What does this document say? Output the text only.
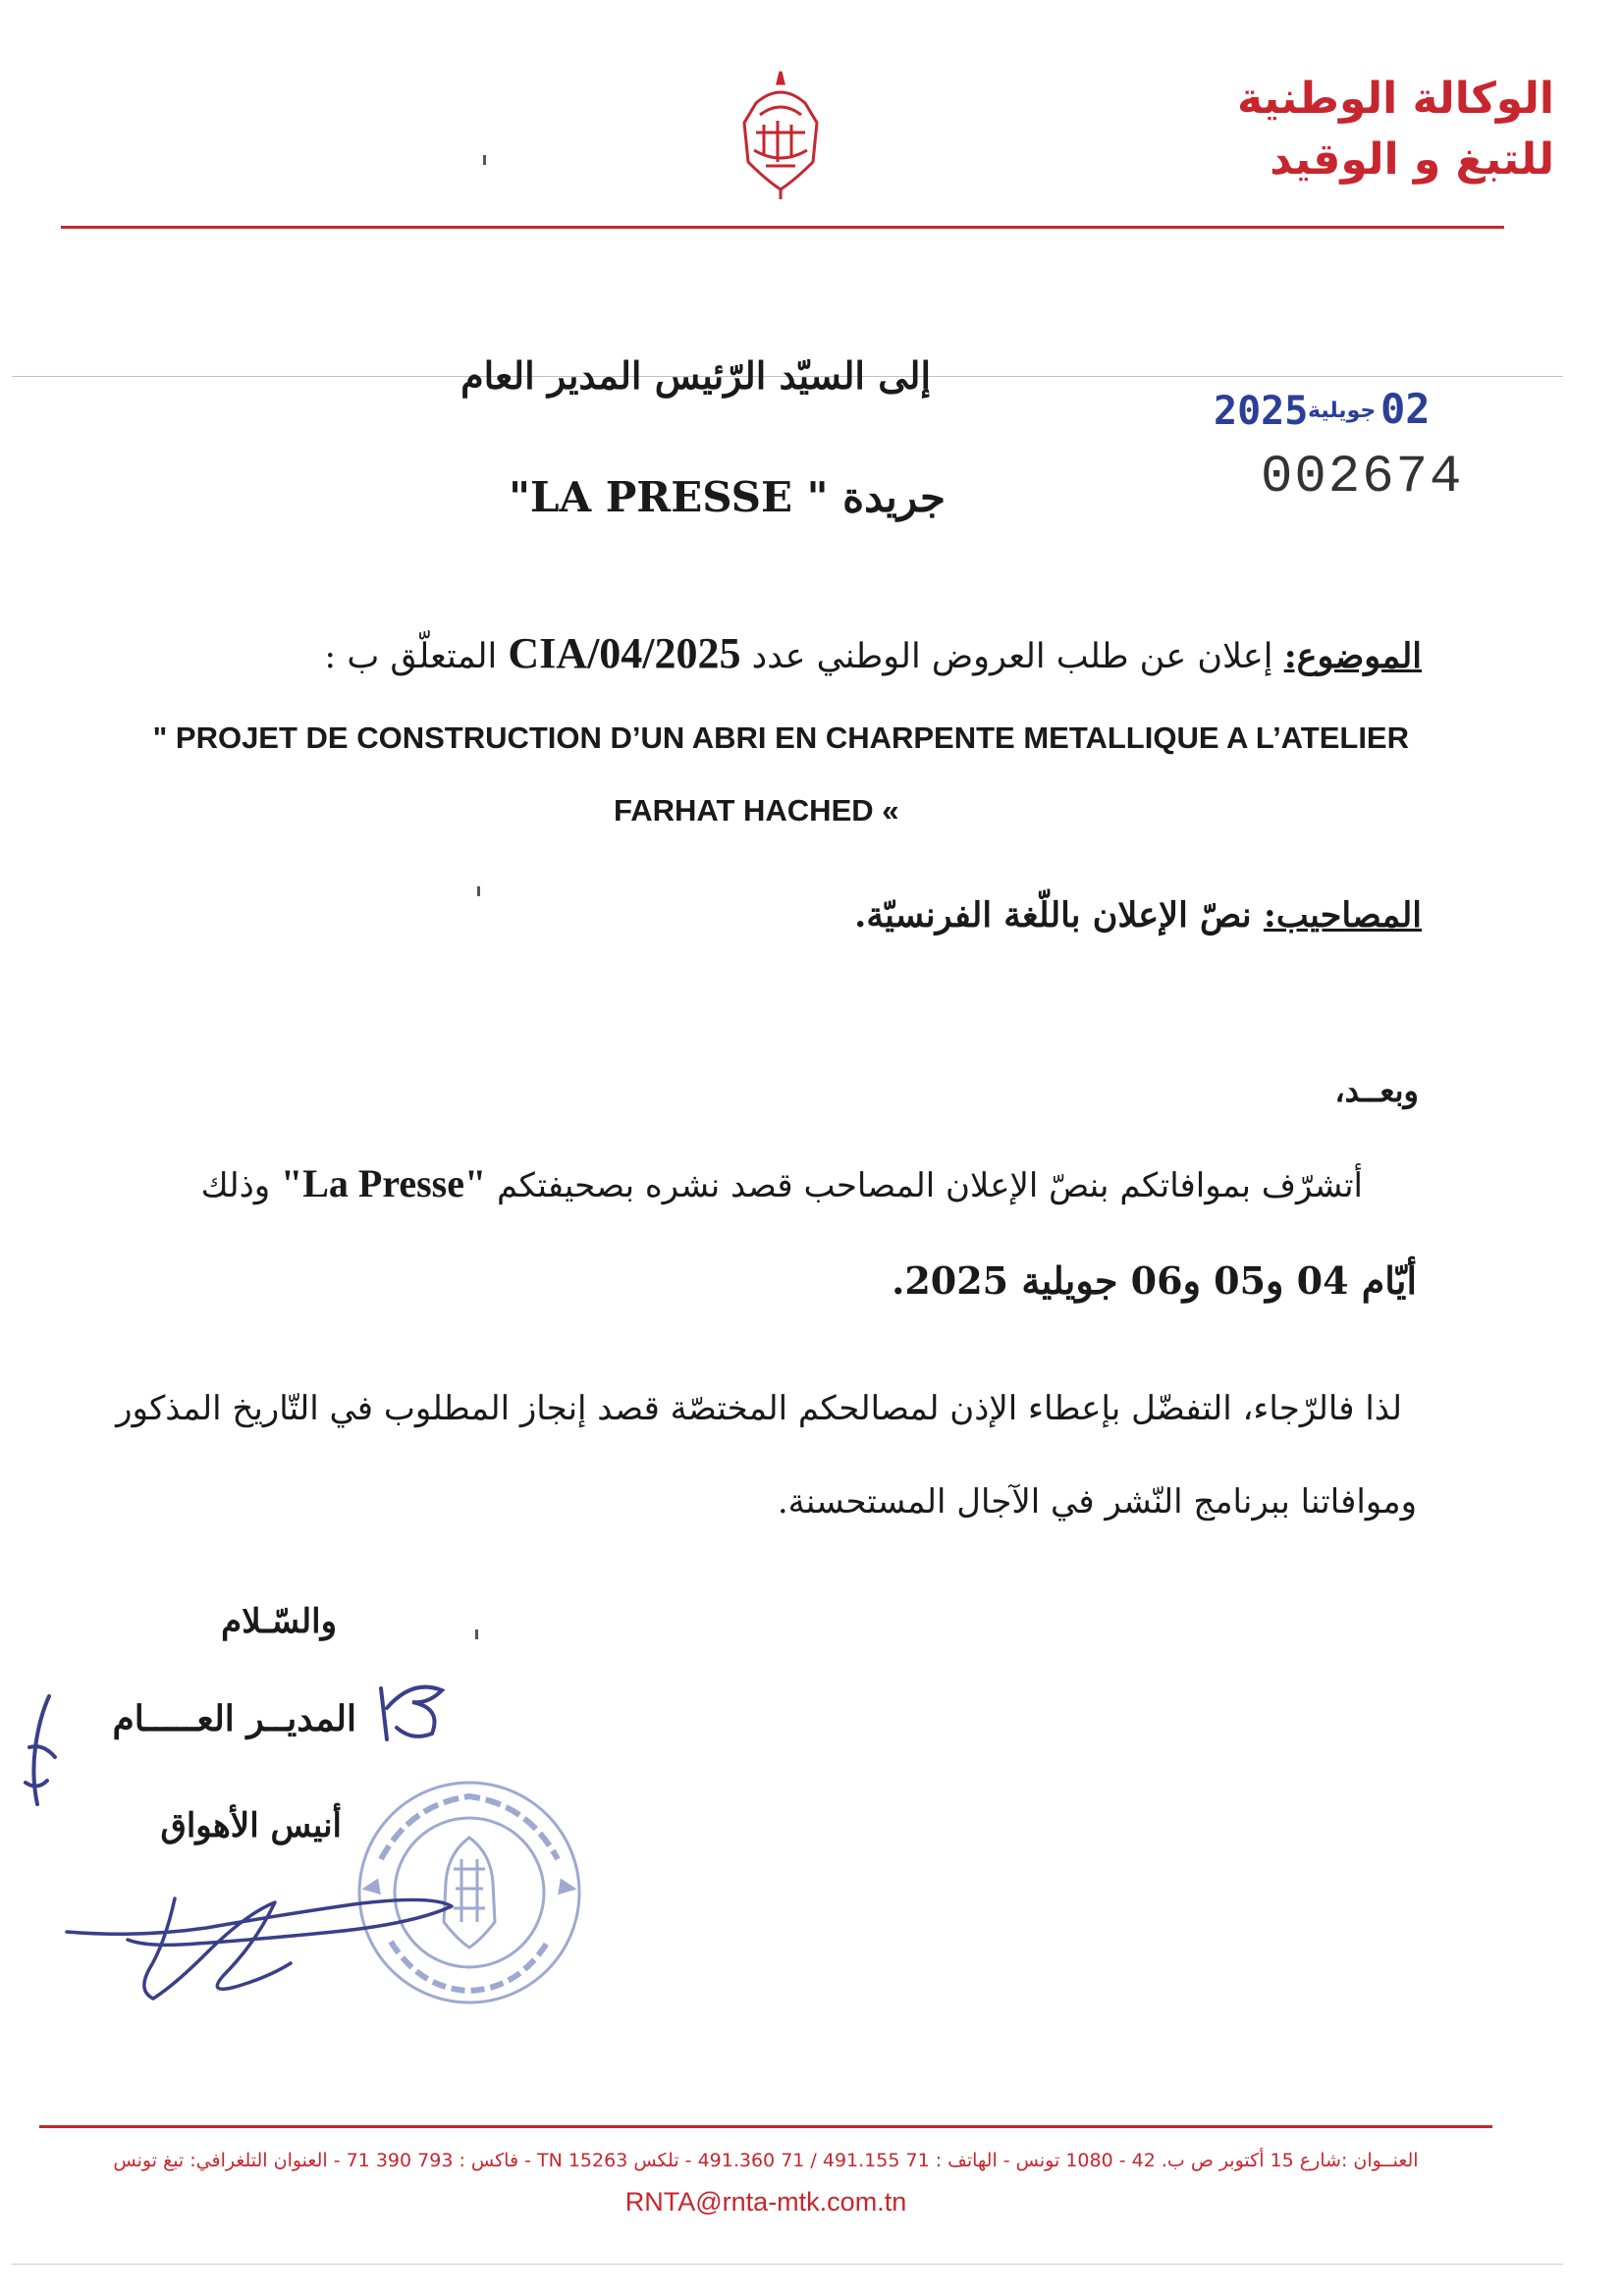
الوكالة الوطنية
للتبغ و الوقيد
2025 جويلية 02
002674
إلى السيّد الرّئيس المدير العام
جريدة " LA PRESSE"
الموضوع: إعلان عن طلب العروض الوطني عدد 2025/CIA/04 المتعلّق ب :
" PROJET DE CONSTRUCTION D’UN ABRI EN CHARPENTE METALLIQUE A L’ATELIER
FARHAT HACHED «
المصاحيب: نصّ الإعلان باللّغة الفرنسيّة.
وبعــد،
أتشرّف بموافاتكم بنصّ الإعلان المصاحب قصد نشره بصحيفتكم "La Presse" وذلك
أيّام 04 و05 و06 جويلية 2025.
لذا فالرّجاء، التفضّل بإعطاء الإذن لمصالحكم المختصّة قصد إنجاز المطلوب في التّاريخ المذكور
وموافاتنا ببرنامج النّشر في الآجال المستحسنة.
والسّـلام
المديــر العـــــام
أنيس الأهواق
العنــوان :شارع 15 أكتوبر ص ب. 42 - 1080 تونس - الهاتف : 71 491.155 / 71 491.360 - تلكس 15263 TN - فاكس : 793 390 71 - العنوان التلغرافي: تبغ تونس
RNTA@rnta-mtk.com.tn
